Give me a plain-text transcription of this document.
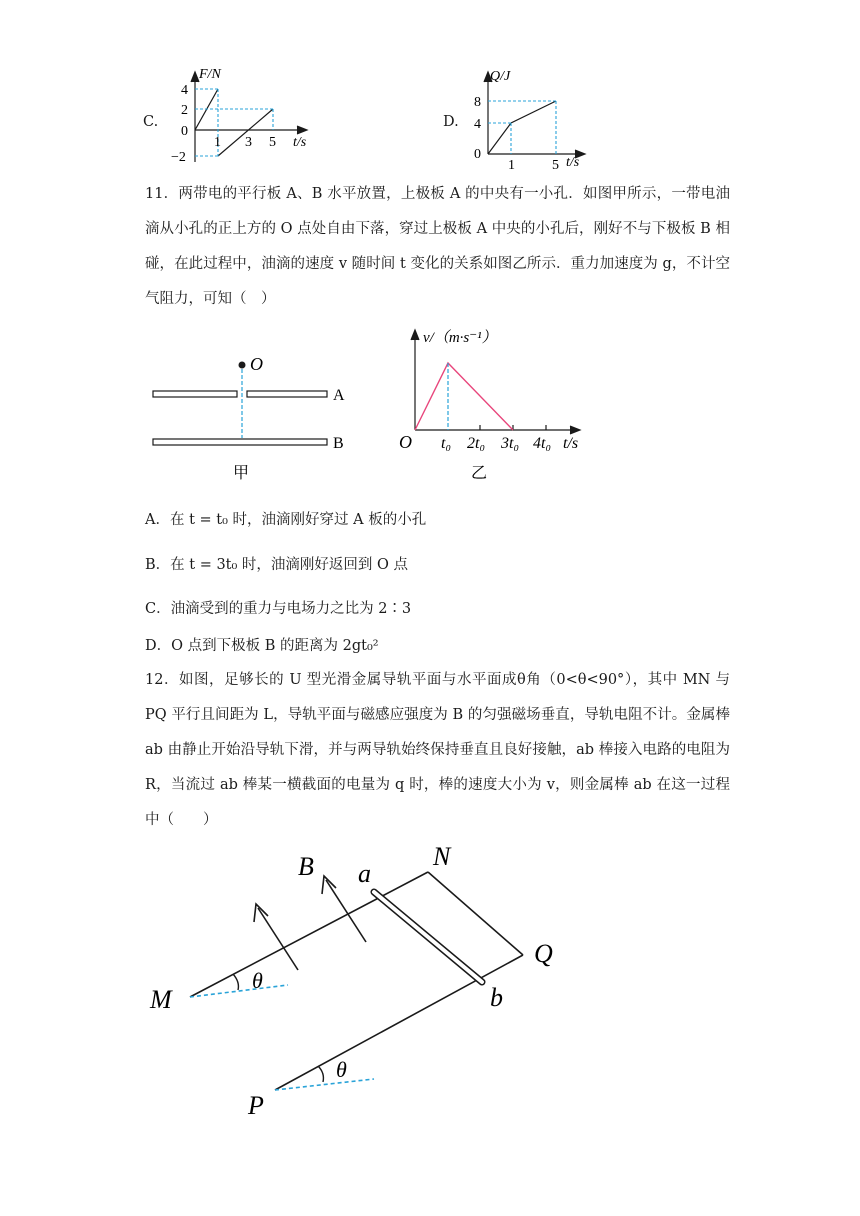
C.
F/N
4
2
0
−2
1 3 5 t/s
D.
Q/J
8
4
0
1	5 t/s
11．两带电的平行板 A、B 水平放置，上极板 A 的中央有一小孔．如图甲所示，一带电油滴从小孔的正上方的 O 点处自由下落，穿过上极板 A 中央的小孔后，刚好不与下极板 B 相碰，在此过程中，油滴的速度 v 随时间 t 变化的关系如图乙所示．重力加速度为 g，不计空气阻力，可知（　）
O
A
B
甲
v/（m·s⁻¹）
O t₀ 2t₀ 3t₀ 4t₀ t/s
乙
A．在 t = t₀ 时，油滴刚好穿过 A 板的小孔
B．在 t = 3t₀ 时，油滴刚好返回到 O 点
C．油滴受到的重力与电场力之比为 2∶3
D．O 点到下极板 B 的距离为 2gt₀²
12．如图，足够长的 U 型光滑金属导轨平面与水平面成θ角（0<θ<90°），其中 MN 与 PQ 平行且间距为 L，导轨平面与磁感应强度为 B 的匀强磁场垂直，导轨电阻不计。金属棒 ab 由静止开始沿导轨下滑，并与两导轨始终保持垂直且良好接触，ab 棒接入电路的电阻为 R，当流过 ab 棒某一横截面的电量为 q 时，棒的速度大小为 v，则金属棒 ab 在这一过程中（　　）
B a
N
Q
b
M
P
θ
θ
